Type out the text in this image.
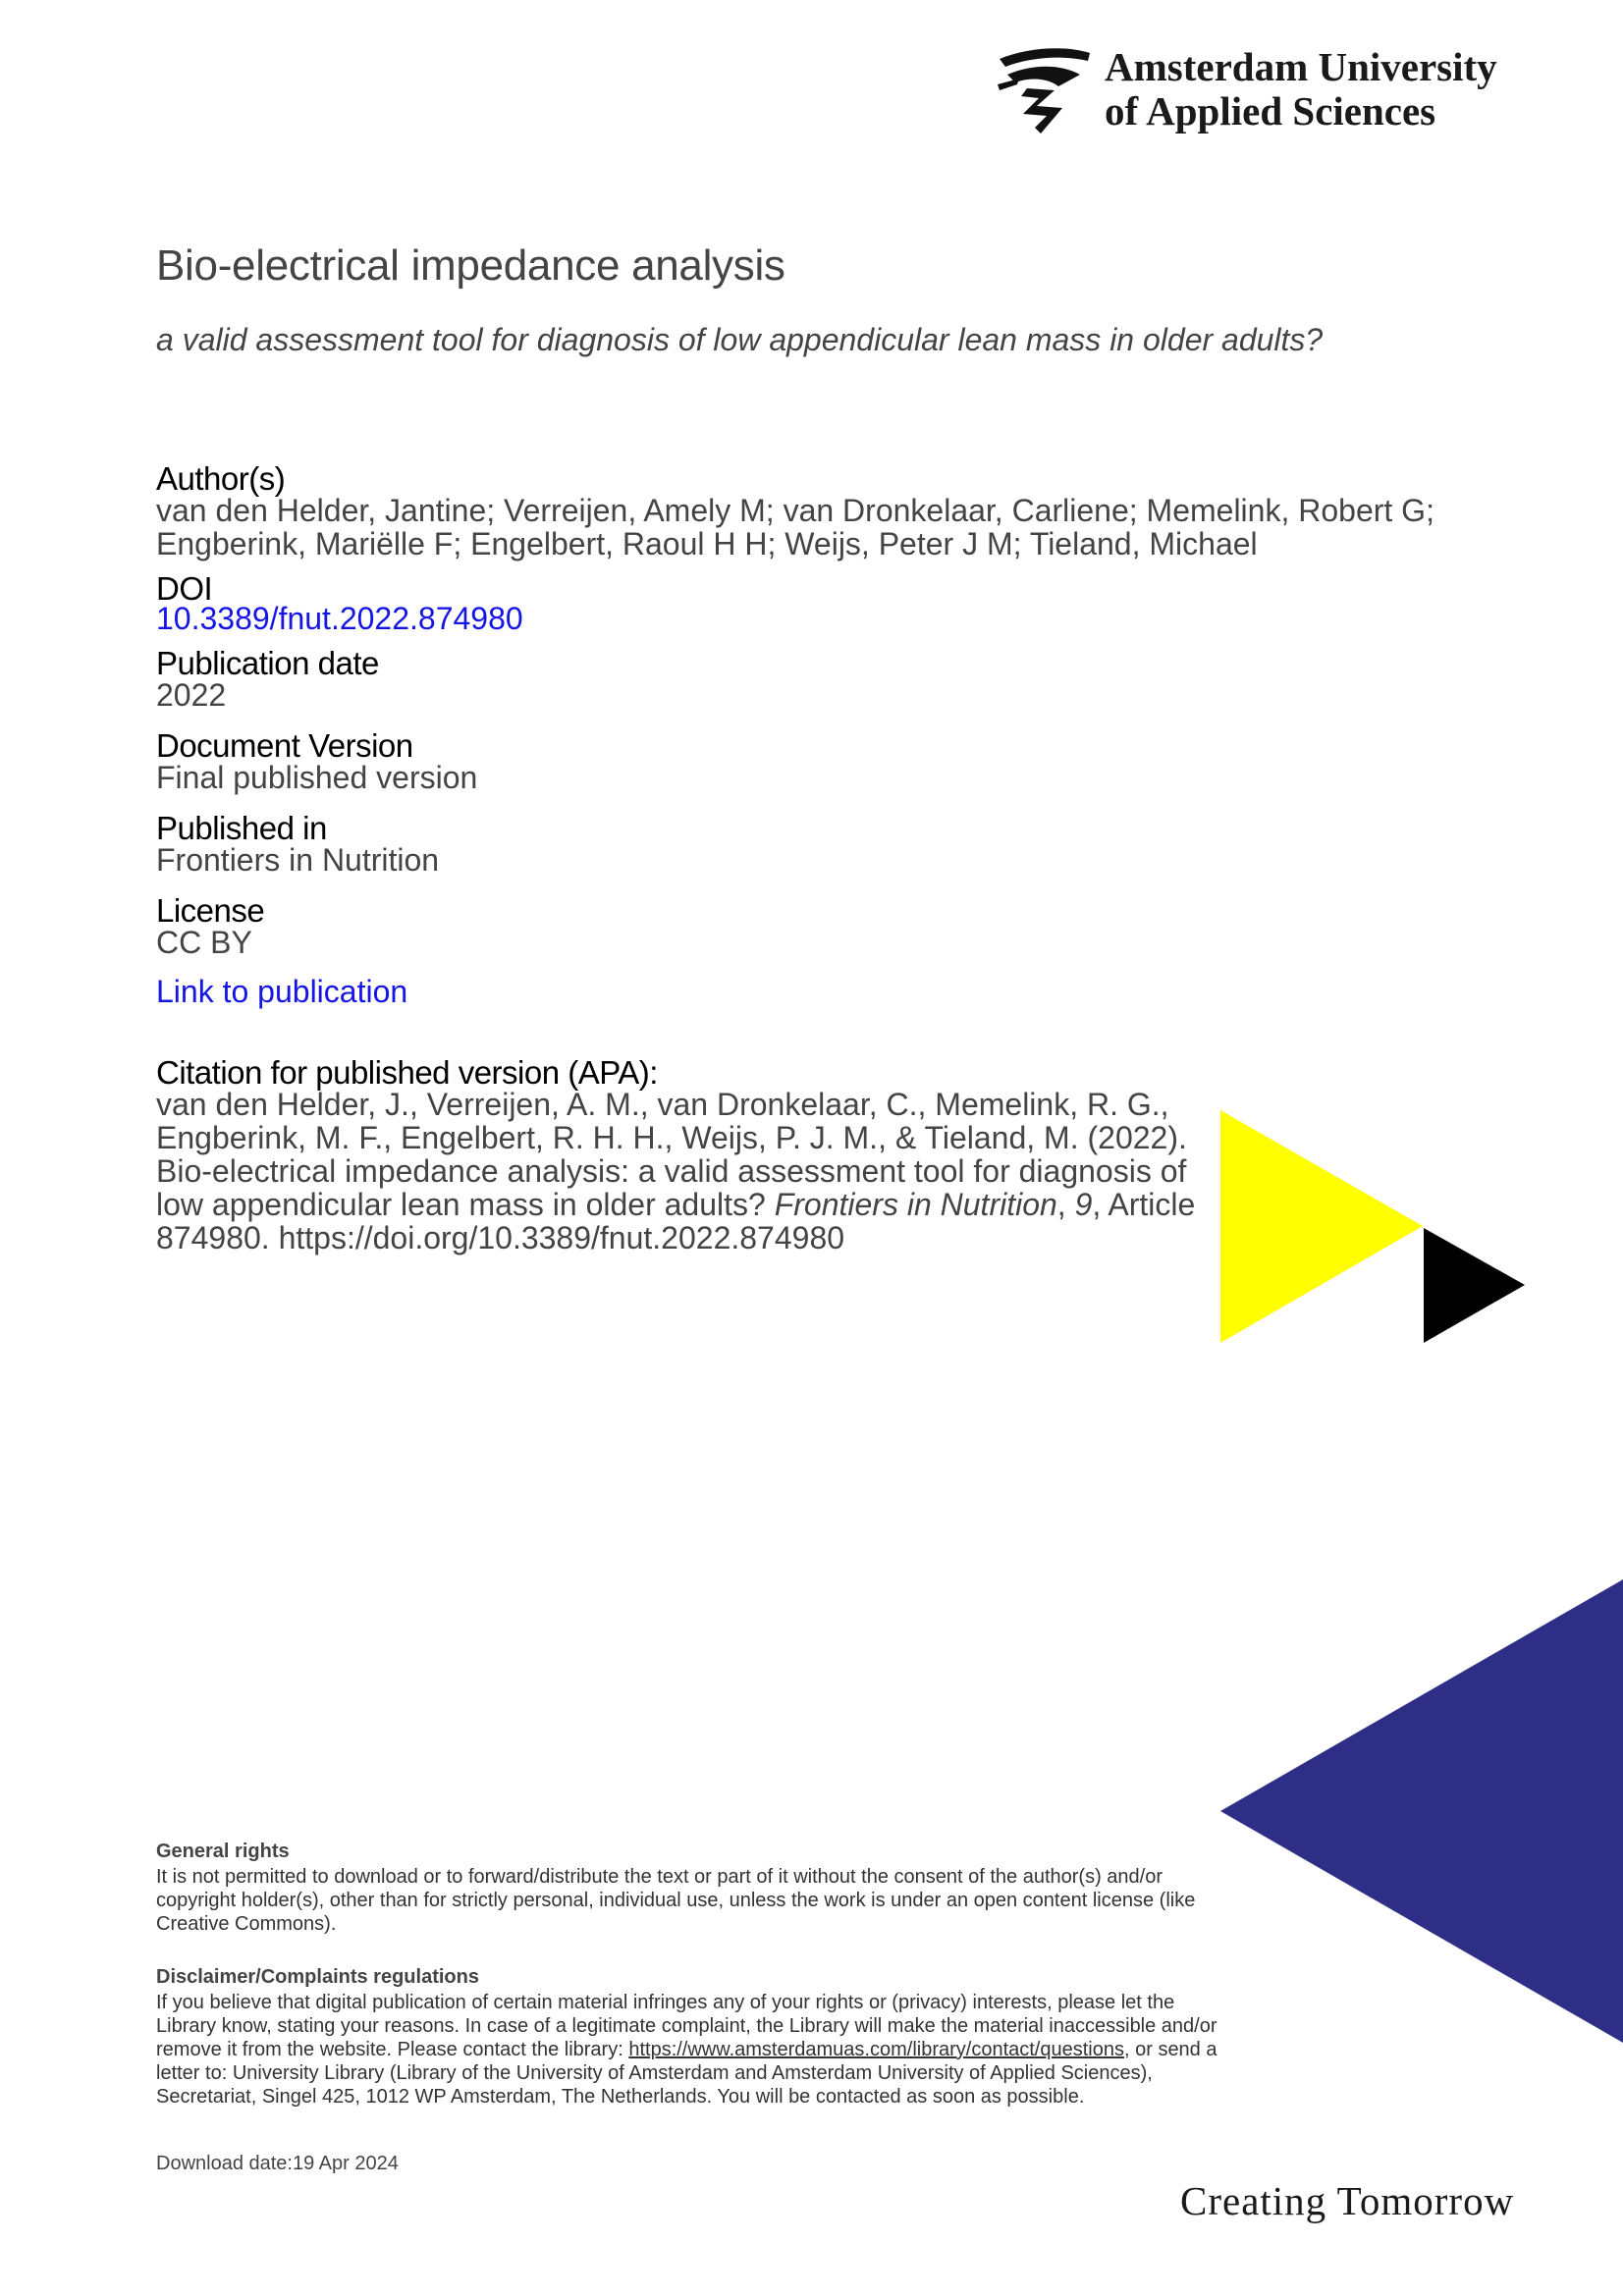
Amsterdam University
of Applied Sciences
Bio-electrical impedance analysis

a valid assessment tool for diagnosis of low appendicular lean mass in older adults?

Author(s)
van den Helder, Jantine; Verreijen, Amely M; van Dronkelaar, Carliene; Memelink, Robert G;
Engberink, Mariëlle F; Engelbert, Raoul H H; Weijs, Peter J M; Tieland, Michael
DOI
10.3389/fnut.2022.874980
Publication date
2022
Document Version
Final published version
Published in
Frontiers in Nutrition
License
CC BY
Link to publication
Citation for published version (APA):
van den Helder, J., Verreijen, A. M., van Dronkelaar, C., Memelink, R. G., Engberink, M. F., Engelbert, R. H. H., Weijs, P. J. M., & Tieland, M. (2022). Bio-electrical impedance analysis: a valid assessment tool for diagnosis of low appendicular lean mass in older adults? Frontiers in Nutrition, 9, Article 874980. https://doi.org/10.3389/fnut.2022.874980
General rights
It is not permitted to download or to forward/distribute the text or part of it without the consent of the author(s) and/or copyright holder(s), other than for strictly personal, individual use, unless the work is under an open content license (like Creative Commons).
Disclaimer/Complaints regulations
If you believe that digital publication of certain material infringes any of your rights or (privacy) interests, please let the Library know, stating your reasons. In case of a legitimate complaint, the Library will make the material inaccessible and/or remove it from the website. Please contact the library: https://www.amsterdamuas.com/library/contact/questions, or send a letter to: University Library (Library of the University of Amsterdam and Amsterdam University of Applied Sciences), Secretariat, Singel 425, 1012 WP Amsterdam, The Netherlands. You will be contacted as soon as possible.
Download date:19 Apr 2024
Creating Tomorrow
